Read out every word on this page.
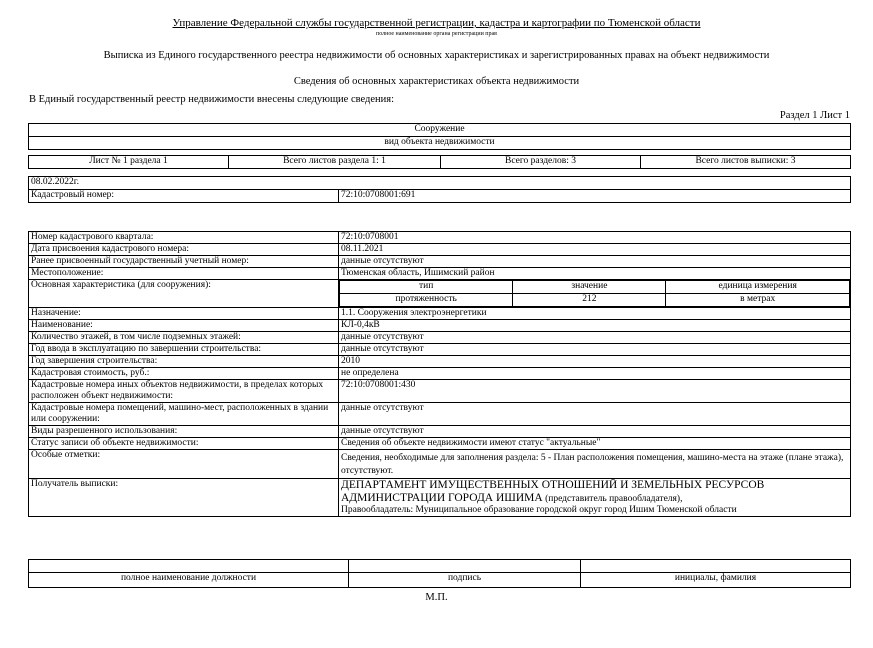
Управление Федеральной службы государственной регистрации, кадастра и картографии по Тюменской области
полное наименование органа регистрации прав
Выписка из Единого государственного реестра недвижимости об основных характеристиках и зарегистрированных правах на объект недвижимости
Сведения об основных характеристиках объекта недвижимости
В Единый государственный реестр недвижимости внесены следующие сведения:
Раздел 1 Лист 1
Сооружение
вид объекта недвижимости
Лист № 1 раздела 1	Всего листов раздела 1: 1	Всего разделов: 3	Всего листов выписки: 3
08.02.2022г.
Кадастровый номер:	72:10:0708001:691
Номер кадастрового квартала:	72:10:0708001
Дата присвоения кадастрового номера:	08.11.2021
Ранее присвоенный государственный учетный номер:	данные отсутствуют
Местоположение:	Тюменская область, Ишимский район
Основная характеристика (для сооружения):		тип	значение	единица измерения
протяженность	212	в метрах

Назначение:	1.1. Сооружения электроэнергетики
Наименование:	КЛ-0,4кВ
Количество этажей, в том числе подземных этажей:	данные отсутствуют
Год ввода в эксплуатацию по завершении строительства:	данные отсутствуют
Год завершения строительства:	2010
Кадастровая стоимость, руб.:	не определена
Кадастровые номера иных объектов недвижимости, в пределах которых расположен объект недвижимости:	72:10:0708001:430
Кадастровые номера помещений, машино-мест, расположенных в здании или сооружении:	данные отсутствуют
Виды разрешенного использования:	данные отсутствуют
Статус записи об объекте недвижимости:	Сведения об объекте недвижимости имеют статус "актуальные"
Особые отметки:	Сведения, необходимые для заполнения раздела: 5 - План расположения помещения, машино-места на этаже (плане этажа), отсутствуют.
Получатель выписки:	ДЕПАРТАМЕНТ ИМУЩЕСТВЕННЫХ ОТНОШЕНИЙ И ЗЕМЕЛЬНЫХ РЕСУРСОВ АДМИНИСТРАЦИИ ГОРОДА ИШИМА (представитель правообладателя),
Правообладатель: Муниципальное образование городской округ город Ишим Тюменской области

полное наименование должности	подпись	инициалы, фамилия
М.П.
